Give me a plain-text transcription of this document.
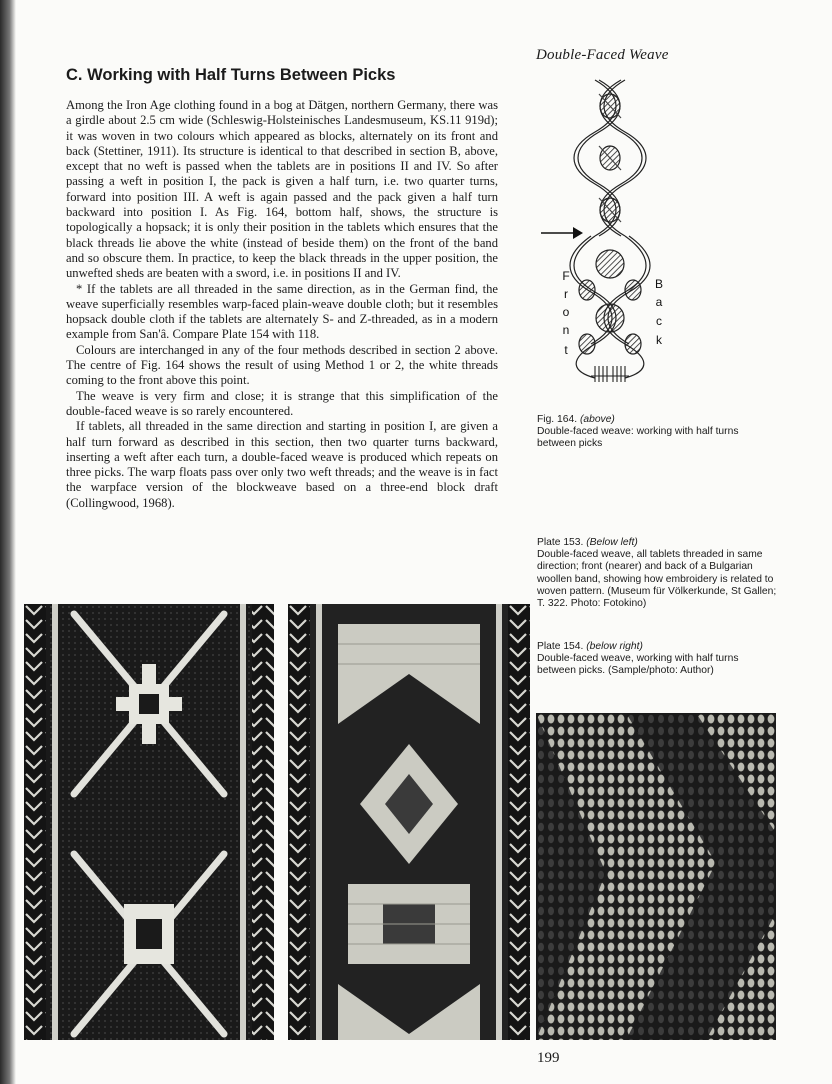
Double-Faced Weave
C. Working with Half Turns Between Picks

Among the Iron Age clothing found in a bog at Dätgen, northern Germany, there was a girdle about 2.5 cm wide (Schleswig-Holsteinisches Landesmuseum, KS.11 919d); it was woven in two colours which appeared as blocks, alternately on its front and back (Stettiner, 1911). Its structure is identical to that described in section B, above, except that no weft is passed when the tablets are in positions II and IV. So after passing a weft in position I, the pack is given a half turn, i.e. two quarter turns, forward into position III. A weft is again passed and the pack given a half turn backward into position I. As Fig. 164, bottom half, shows, the structure is topologically a hopsack; it is only their position in the tablets which ensures that the black threads lie above the white (instead of beside them) on the front of the band and so obscure them. In practice, to keep the black threads in the upper position, the unwefted sheds are beaten with a sword, i.e. in positions II and IV.

* If the tablets are all threaded in the same direction, as in the German find, the weave superficially resembles warp-faced plain-weave double cloth; but it resembles hopsack double cloth if the tablets are alternately S- and Z-threaded, as in a modern example from San'â. Compare Plate 154 with 118.

Colours are interchanged in any of the four methods described in section 2 above. The centre of Fig. 164 shows the result of using Method 1 or 2, the white threads coming to the front above this point.

The weave is very firm and close; it is strange that this simplification of the double-faced weave is so rarely encountered.

If tablets, all threaded in the same direction and starting in position I, are given a half turn forward as described in this section, then two quarter turns backward, inserting a weft after each turn, a double-faced weave is produced which repeats on three picks. The warp floats pass over only two weft threads; and the weave is in fact the warpface version of the blockweave based on a three-end block draft (Collingwood, 1968).

F
r
o
n
t
B
a
c
k

Fig. 164. (above)

Double-faced weave: working with half turns between picks

Plate 153. (Below left)

Double-faced weave, all tablets threaded in same direction; front (nearer) and back of a Bulgarian woollen band, showing how embroidery is related to woven pattern. (Museum für Völkerkunde, St Gallen; T. 322. Photo: Fotokino)

Plate 154. (below right)

Double-faced weave, working with half turns between picks. (Sample/photo: Author)

199
